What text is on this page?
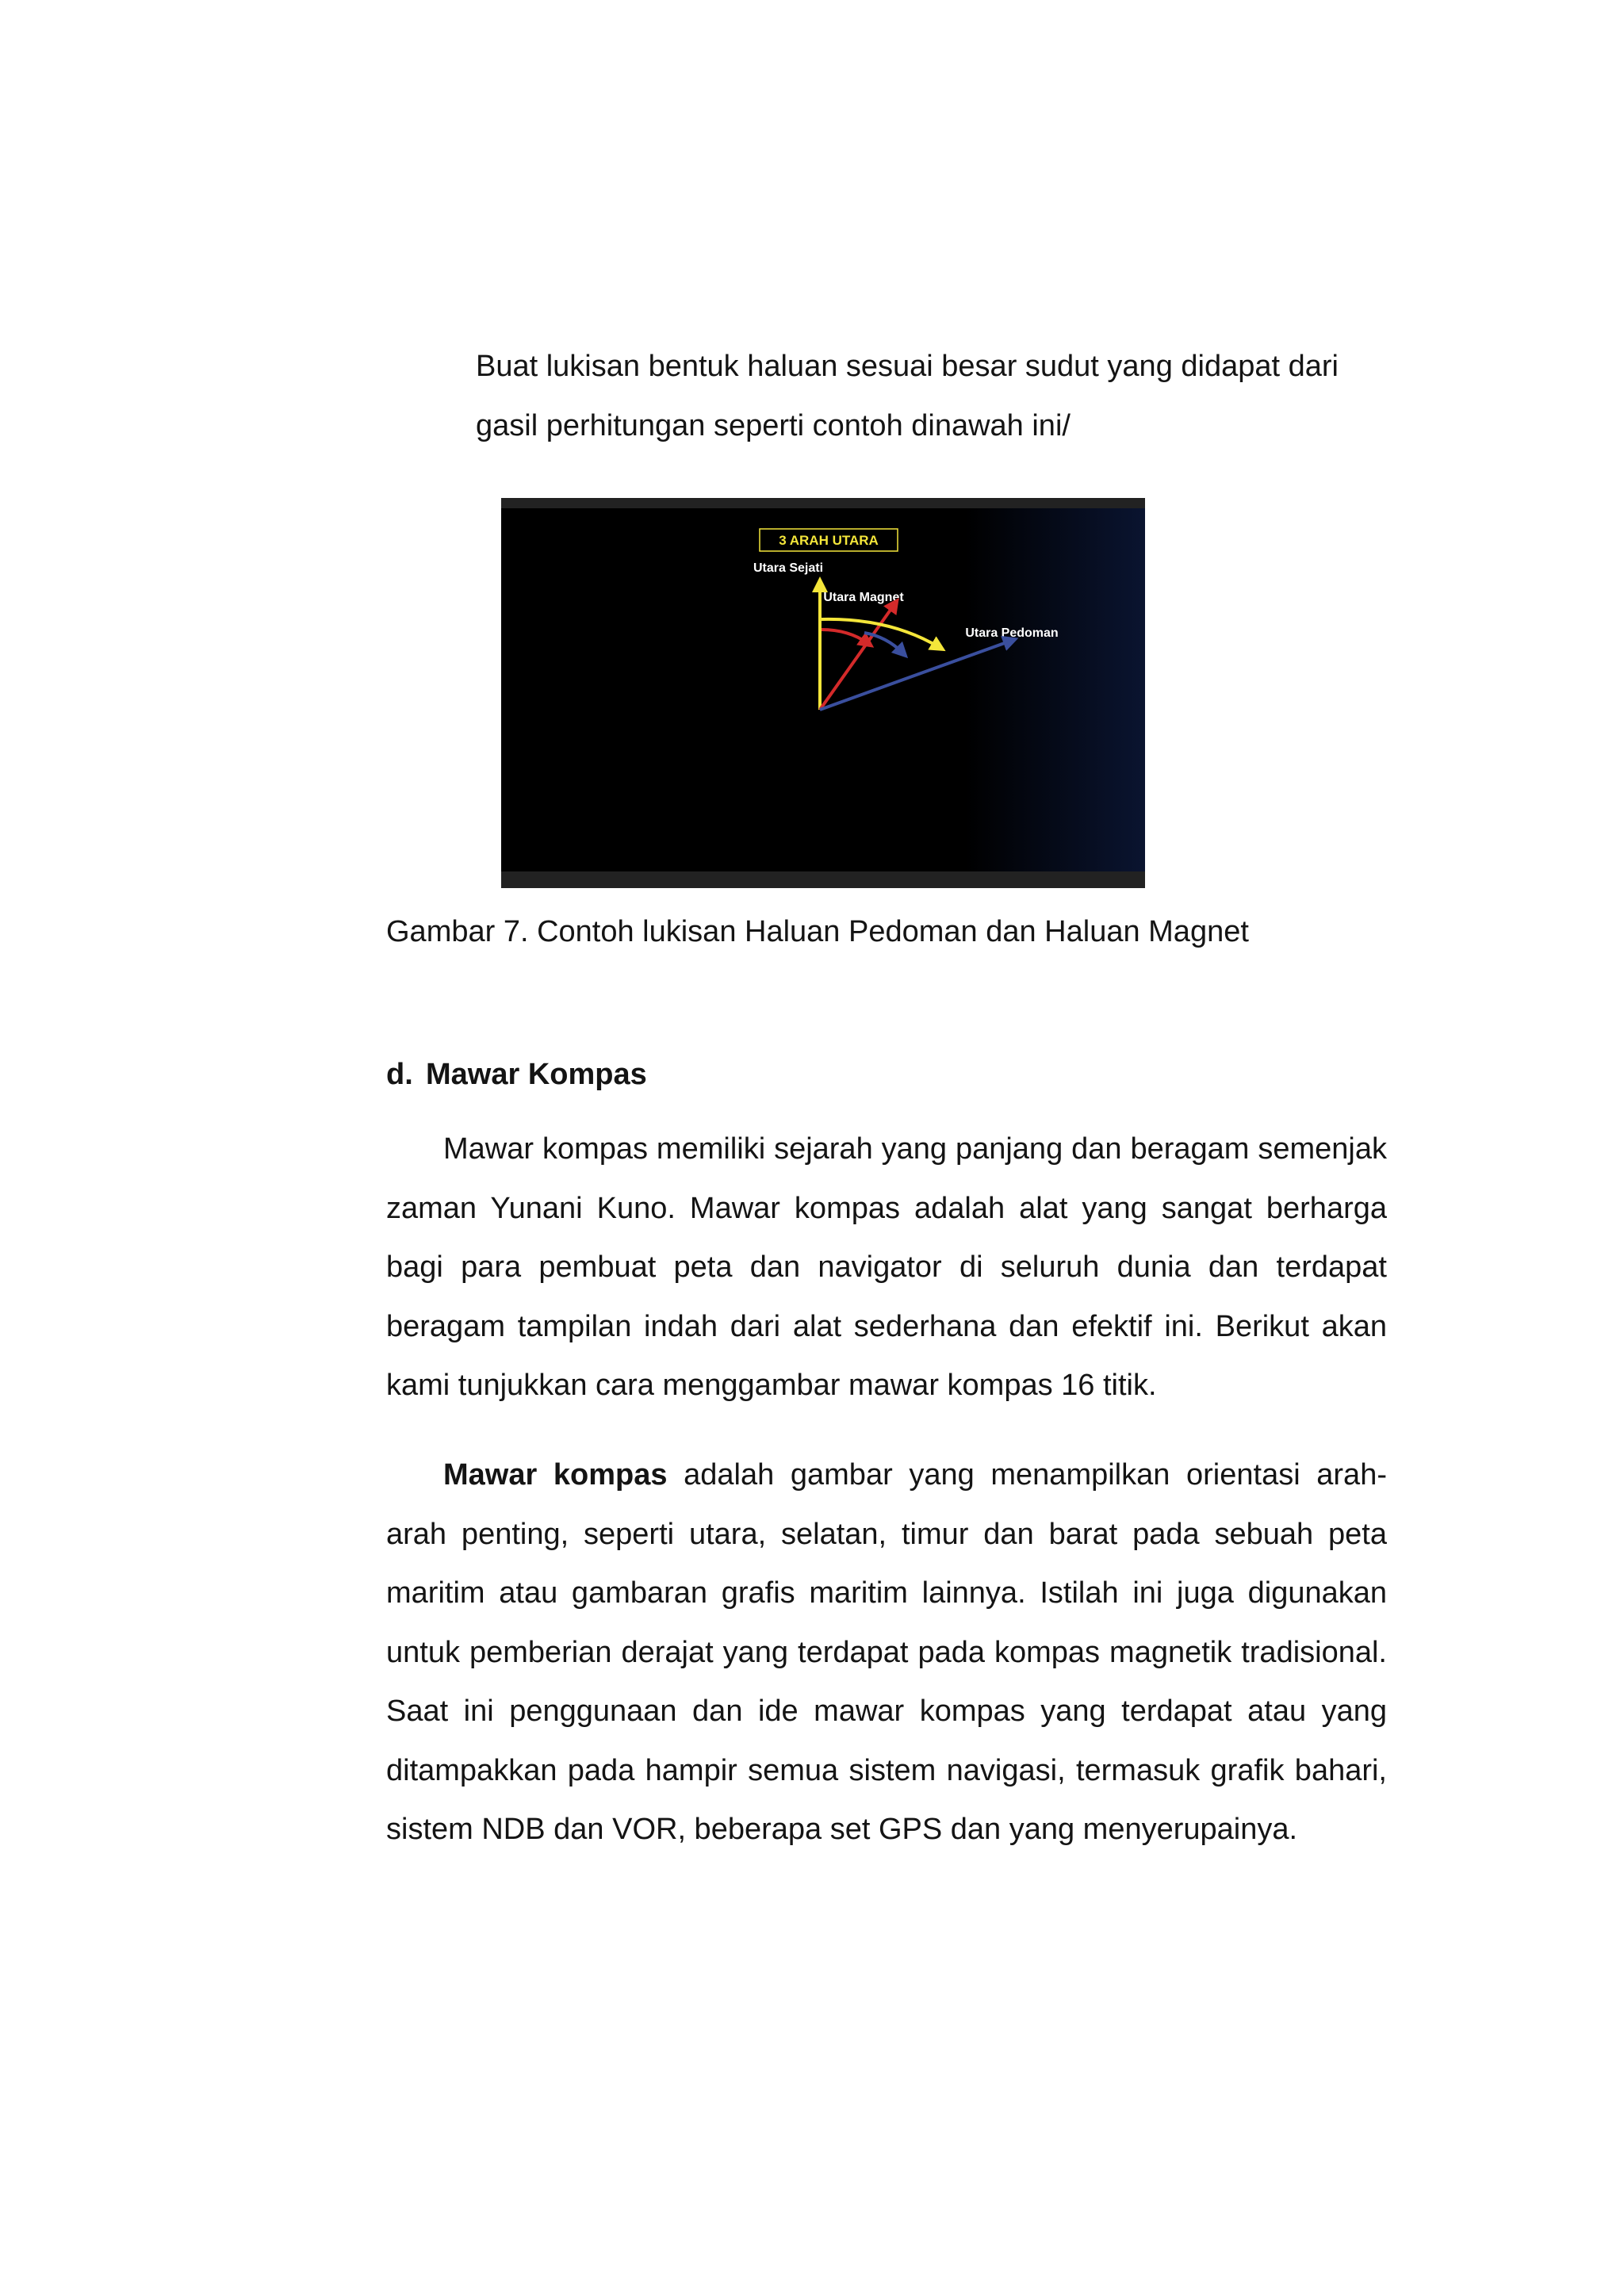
Buat lukisan bentuk haluan sesuai besar sudut yang didapat dari

gasil perhitungan seperti contoh dinawah ini/

3 ARAH UTARA
Utara Sejati
Utara Magnet
Utara Pedoman

Gambar 7. Contoh lukisan Haluan Pedoman dan Haluan Magnet

d. Mawar Kompas

Mawar kompas memiliki sejarah yang panjang dan beragam semenjak zaman Yunani Kuno. Mawar kompas adalah alat yang sangat berharga bagi para pembuat peta dan navigator di seluruh dunia dan terdapat beragam tampilan indah dari alat sederhana dan efektif ini. Berikut akan kami tunjukkan cara menggambar mawar kompas 16 titik.

Mawar kompas adalah gambar yang menampilkan orientasi arah-arah penting, seperti utara, selatan, timur dan barat pada sebuah peta maritim atau gambaran grafis maritim lainnya. Istilah ini juga digunakan untuk pemberian derajat yang terdapat pada kompas magnetik tradisional. Saat ini penggunaan dan ide mawar kompas yang terdapat atau yang ditampakkan pada hampir semua sistem navigasi, termasuk grafik bahari, sistem NDB dan VOR, beberapa set GPS dan yang menyerupainya.
